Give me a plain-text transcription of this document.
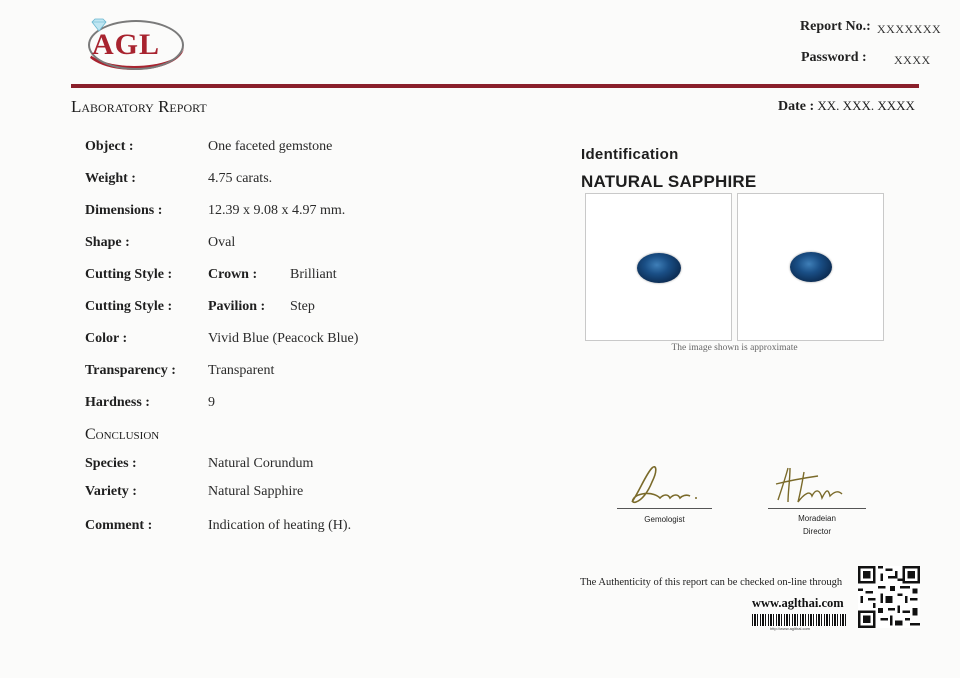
AGL
Report No.: XXXXXXX
Password : XXXX
Laboratory Report	Date : XX. XXX. XXXX
Object :	One faceted gemstone
Weight :	4.75 carats.
Dimensions :	12.39 x 9.08 x 4.97 mm.
Shape :	Oval
Cutting Style :	Crown : Brilliant
Cutting Style :	Pavilion : Step
Color :	Vivid Blue (Peacock Blue)
Transparency : Transparent
Hardness :	9
Conclusion
Species :	Natural Corundum
Variety :	Natural Sapphire
Comment :	Indication of heating (H).
Identification
NATURAL SAPPHIRE
The image shown is approximate
Gemologist	Moradeian
Director
The Authenticity of this report can be checked on-line through
www.aglthai.com
http://www.aglthai.com
